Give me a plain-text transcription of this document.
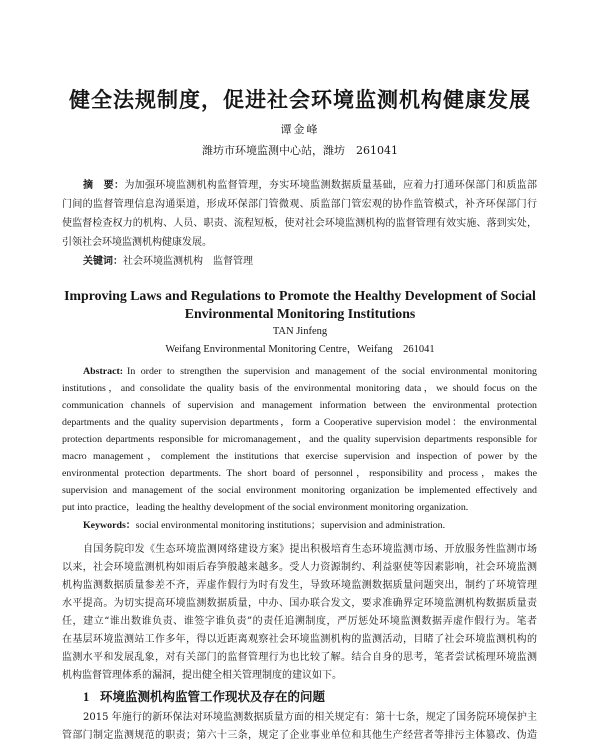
健全法规制度，促进社会环境监测机构健康发展
谭金峰
潍坊市环境监测中心站，潍坊　261041
摘　要：为加强环境监测机构监督管理，夯实环境监测数据质量基础，应着力打通环保部门和质监部
门间的监督管理信息沟通渠道，形成环保部门管微观、质监部门管宏观的协作监管模式，补齐环保部门行
使监督检查权力的机构、人员、职责、流程短板，使对社会环境监测机构的监督管理有效实施、落到实处，
引领社会环境监测机构健康发展。
关键词：社会环境监测机构　监督管理
Improving Laws and Regulations to Promote the Healthy Development of Social
Environmental Monitoring Institutions
TAN Jinfeng
Weifang Environmental Monitoring Centre，Weifang　261041
Abstract: In order to strengthen the supervision and management of the social environmental monitoring
institutions，and consolidate the quality basis of the environmental monitoring data，we should focus on the
communication channels of supervision and management information between the environmental protection
departments and the quality supervision departments，form a Cooperative supervision model：the environmental
protection departments responsible for micromanagement，and the quality supervision departments responsible for
macro management，complement the institutions that exercise supervision and inspection of power by the
environmental protection departments. The short board of personnel，responsibility and process，makes the
supervision and management of the social environment monitoring organization be implemented effectively and
put into practice，leading the healthy development of the social environment monitoring organization.
Keywords：social environmental monitoring institutions；supervision and administration.
自国务院印发《生态环境监测网络建设方案》提出积极培育生态环境监测市场、开放服务性监测市场
以来，社会环境监测机构如雨后春笋般越来越多。受人力资源制约、利益驱使等因素影响，社会环境监测
机构监测数据质量参差不齐，弄虚作假行为时有发生，导致环境监测数据质量问题突出，制约了环境管理
水平提高。为切实提高环境监测数据质量，中办、国办联合发文，要求准确界定环境监测机构数据质量责
任，建立“谁出数谁负责、谁签字谁负责”的责任追溯制度，严厉惩处环境监测数据弄虚作假行为。笔者
在基层环境监测站工作多年，得以近距离观察社会环境监测机构的监测活动，目睹了社会环境监测机构的
监测水平和发展乱象，对有关部门的监督管理行为也比较了解。结合自身的思考，笔者尝试梳理环境监测
机构监督管理体系的漏洞，提出健全相关管理制度的建议如下。
1 环境监测机构监管工作现状及存在的问题
2015 年施行的新环保法对环境监测数据质量方面的相关规定有：第十七条，规定了国务院环境保护主
管部门制定监测规范的职责；第六十三条，规定了企业事业单位和其他生产经营者等排污主体篡改、伪造
